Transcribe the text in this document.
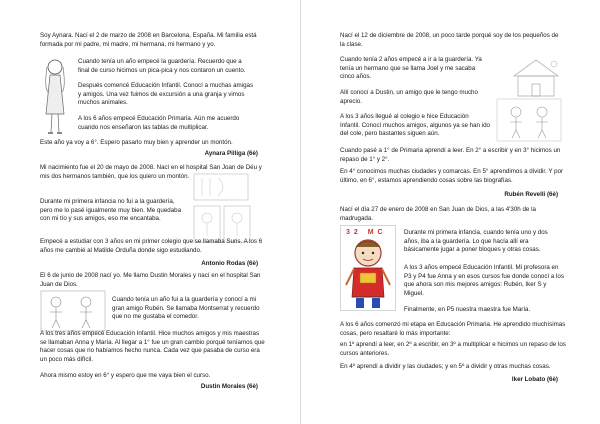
Soy Aynara. Nací el 2 de marzo de 2008 en Barcelona, España. Mi familia está formada por mi padre, mi madre, mi hermana, mi hermano y yo.

Cuando tenía un año empecé la guardería. Recuerdo que a final de curso hicimos un pica-pica y nos contaron un cuento.

Después comencé Educación Infantil. Conocí a muchas amigas y amigos. Una vez fuimos de excursión a una granja y vimos muchos animales.

A los 6 años empecé Educación Primaria. Aún me acuerdo cuando nos enseñaron las tablas de multiplicar.

Este año ya voy a 6°. Espero pasarlo muy bien y aprender un montón.

Aynara Pilliga (6è)

Mi nacimiento fue el 20 de mayo de 2008. Nací en el hospital San Joan de Déu y mis dos hermanos también, que los quiero un montón.

Durante mi primera infancia no fui a la guardería, pero me lo pasé igualmente muy bien. Me quedaba con mi tío y sus amigos, eso me encantaba.

Empecé a estudiar con 3 años en mi primer colegio que se llamaba Suris. A los 6 años me cambié al Matilde Orduña donde sigo estudiando.

Antonio Rodas (6è)

El 6 de junio de 2008 nací yo. Me llamo Dustin Morales y nací en el hospital San Juan de Dios.

Cuando tenía un año fui a la guardería y conocí a mi gran amigo Rubén. Se llamaba Montserrat y recuerdo que no me gustaba el comedor.

A los tres años empecé Educación Infantil. Hice muchos amigos y mis maestras se llamaban Anna y María. Al llegar a 1° fue un gran cambio porqué teníamos que hacer cosas que no habíamos hecho nunca. Cada vez que pasaba de curso era un poco más difícil.

Ahora mismo estoy en 6° y espero que me vaya bien el curso.

Dustin Morales (6è)

Nací el 12 de diciembre de 2008, un poco tarde porqué soy de los pequeños de la clase.

Cuando tenía 2 años empecé a ir a la guardería. Ya tenía un hermano que se llama Joel y me sacaba cinco años.

Allí conocí a Dustin, un amigo que le tengo mucho aprecio.

A los 3 años llegué al colegio e hice Educación Infantil. Conocí muchos amigos, algunos ya se han ido del cole, pero bastantes siguen aún.

Cuando pasé a 1° de Primaria aprendí a leer. En 2° a escribir y en 3° hicimos un repaso de 1° y 2°.

En 4° conocimos muchas ciudades y comarcas. En 5° aprendimos a dividir. Y por último, en 6°, estamos aprendiendo cosas sobre las biografías.

Rubén Revelli (6è)

Nací el día 27 de enero de 2008 en San Juan de Dios, a las 4'30h de la madrugada.

32 MC	Durante mi primera infancia, cuando tenía uno y dos años, iba a la guardería. Lo que hacía allí era básicamente jugar a poner bloques y otras cosas.

A los 3 años empecé Educación Infantil. Mi profesora en P3 y P4 fue Anna y en esos cursos fue donde conocí a los que ahora son mis mejores amigos: Rubén, Iker S y Miguel.

Finalmente, en P5 nuestra maestra fue María.

A los 6 años comenzó mi etapa en Educación Primaria. He aprendido muchísimas cosas, pero resaltaré lo más importante:

en 1º aprendí a leer, en 2º a escribir, en 3º a multiplicar e hicimos un repaso de los cursos anteriores.

En 4º aprendí a dividir y las ciudades; y en 5º a dividir y otras muchas cosas.

Iker Lobato (6è)
